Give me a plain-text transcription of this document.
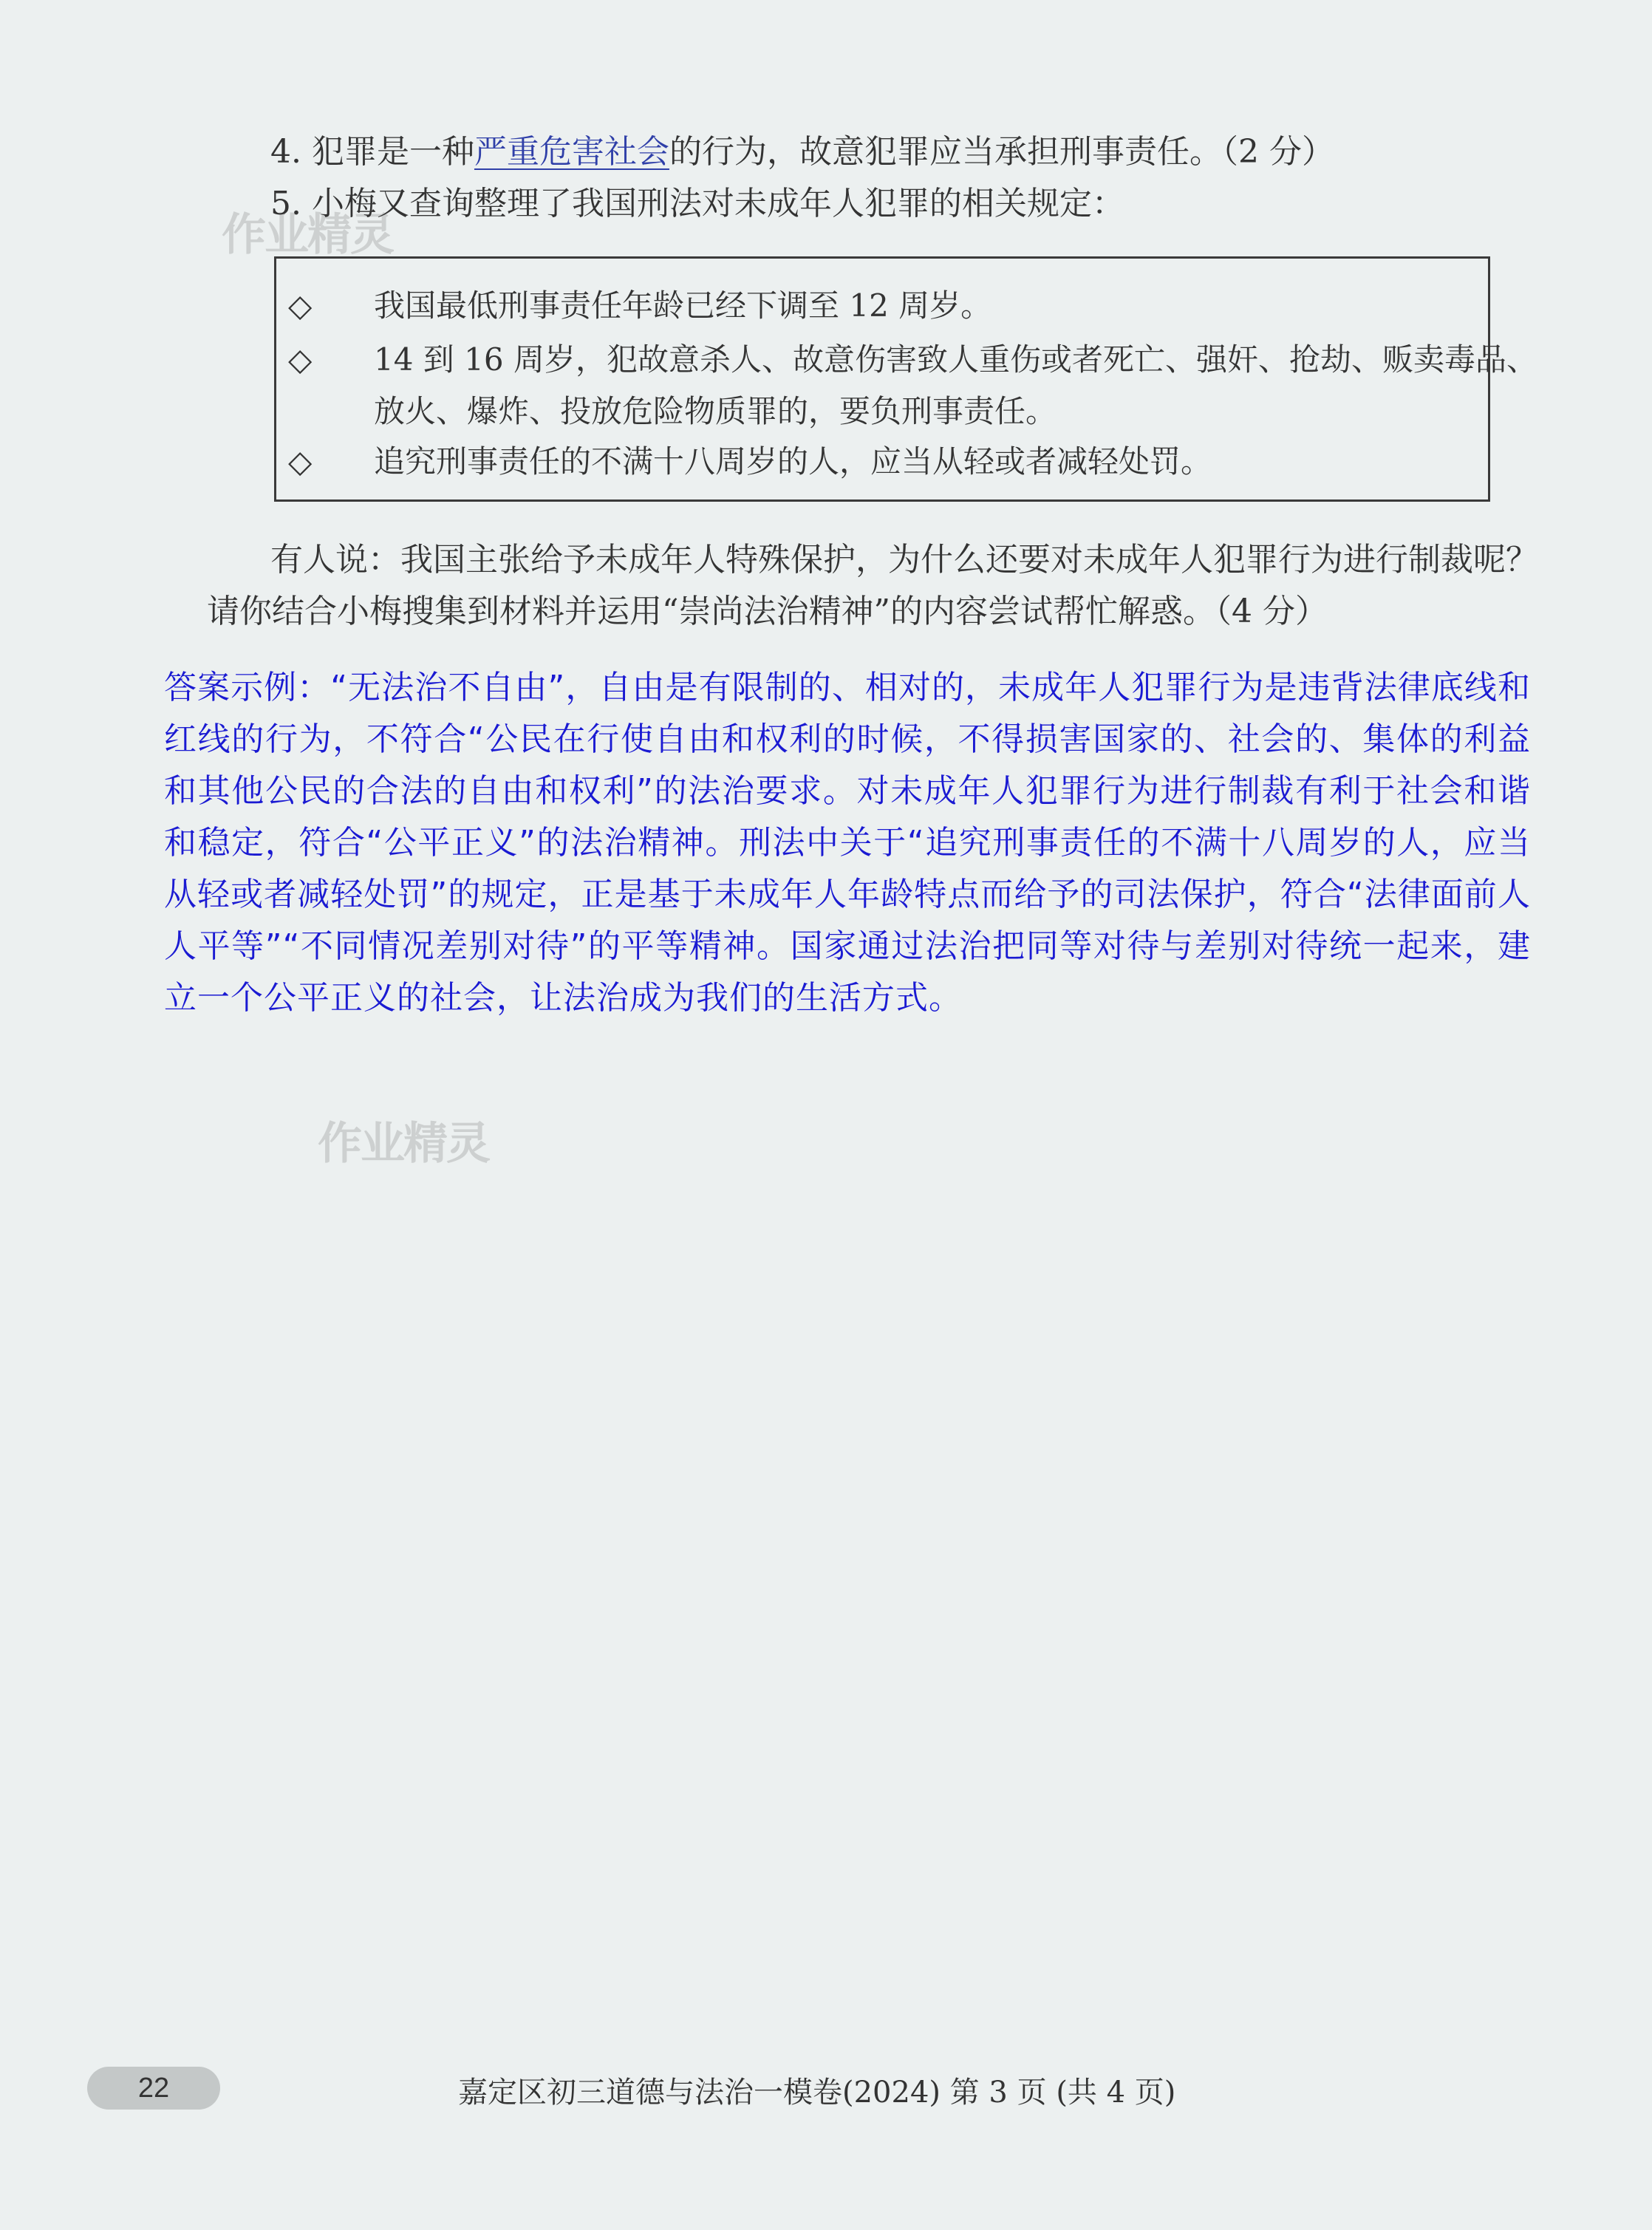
作业精灵
作业精灵
4. 犯罪是一种严重危害社会的行为，故意犯罪应当承担刑事责任。（2 分）
5. 小梅又查询整理了我国刑法对未成年人犯罪的相关规定：
◇	我国最低刑事责任年龄已经下调至 12 周岁。
◇	14 到 16 周岁，犯故意杀人、故意伤害致人重伤或者死亡、强奸、抢劫、贩卖毒品、
放火、爆炸、投放危险物质罪的，要负刑事责任。
◇	追究刑事责任的不满十八周岁的人，应当从轻或者减轻处罚。
有人说：我国主张给予未成年人特殊保护，为什么还要对未成年人犯罪行为进行制裁呢？
请你结合小梅搜集到材料并运用“崇尚法治精神”的内容尝试帮忙解惑。（4 分）
答案示例：“无法治不自由”，自由是有限制的、相对的，未成年人犯罪行为是违背法律底线和红线的行为，不符合“公民在行使自由和权利的时候，不得损害国家的、社会的、集体的利益和其他公民的合法的自由和权利”的法治要求。对未成年人犯罪行为进行制裁有利于社会和谐和稳定，符合“公平正义”的法治精神。刑法中关于“追究刑事责任的不满十八周岁的人，应当从轻或者减轻处罚”的规定，正是基于未成年人年龄特点而给予的司法保护，符合“法律面前人人平等”“不同情况差别对待”的平等精神。国家通过法治把同等对待与差别对待统一起来，建立一个公平正义的社会，让法治成为我们的生活方式。
22	嘉定区初三道德与法治一模卷(2024) 第 3 页 (共 4 页)
